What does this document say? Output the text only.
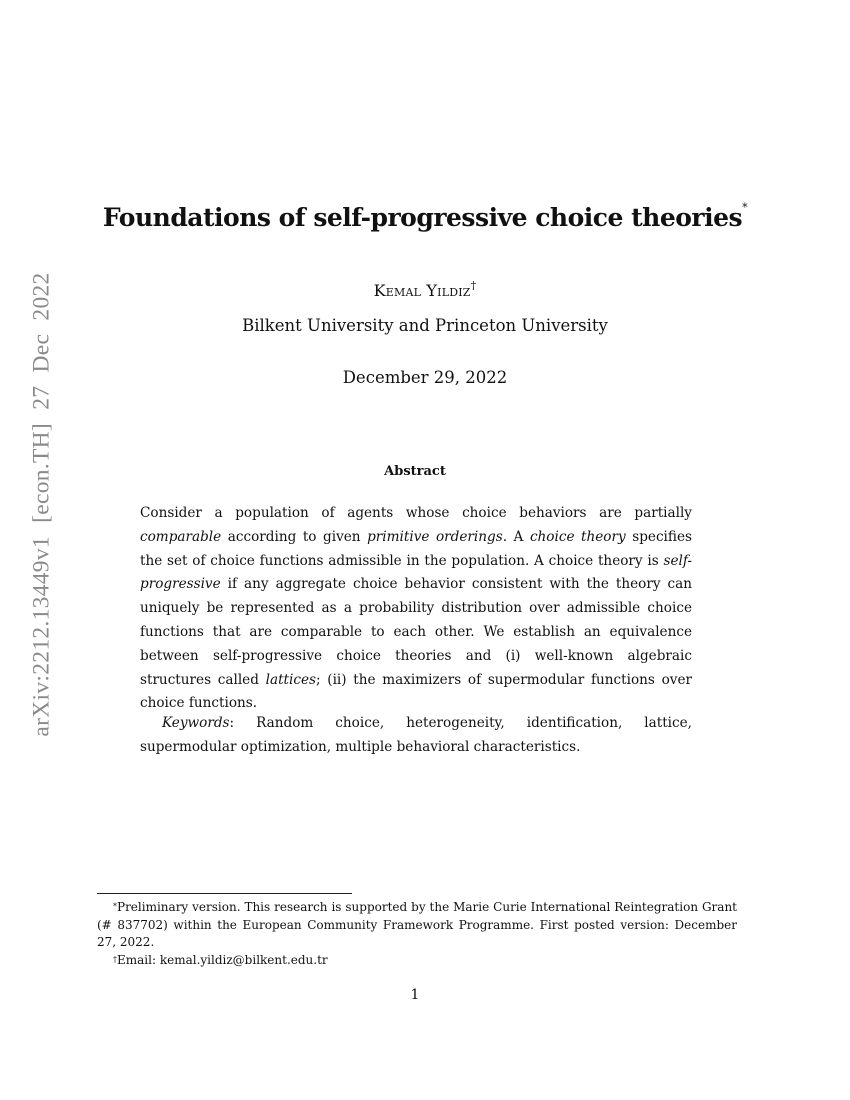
arXiv:2212.13449v1 [econ.TH] 27 Dec 2022
Foundations of self-progressive choice theories*
Kemal Yildiz†
Bilkent University and Princeton University
December 29, 2022
Abstract

Consider a population of agents whose choice behaviors are partially comparable according to given primitive orderings. A choice theory specifies the set of choice functions admissible in the population. A choice theory is self-progressive if any aggregate choice behavior consistent with the theory can uniquely be represented as a probability distribution over admissible choice functions that are comparable to each other. We establish an equivalence between self-progressive choice theories and (i) well-known algebraic structures called lattices; (ii) the maximizers of supermodular functions over choice functions.

Keywords: Random choice, heterogeneity, identification, lattice, supermodular optimization, multiple behavioral characteristics.

*Preliminary version. This research is supported by the Marie Curie International Reintegration Grant (# 837702) within the European Community Framework Programme. First posted version: December 27, 2022.

†Email: kemal.yildiz@bilkent.edu.tr

1
